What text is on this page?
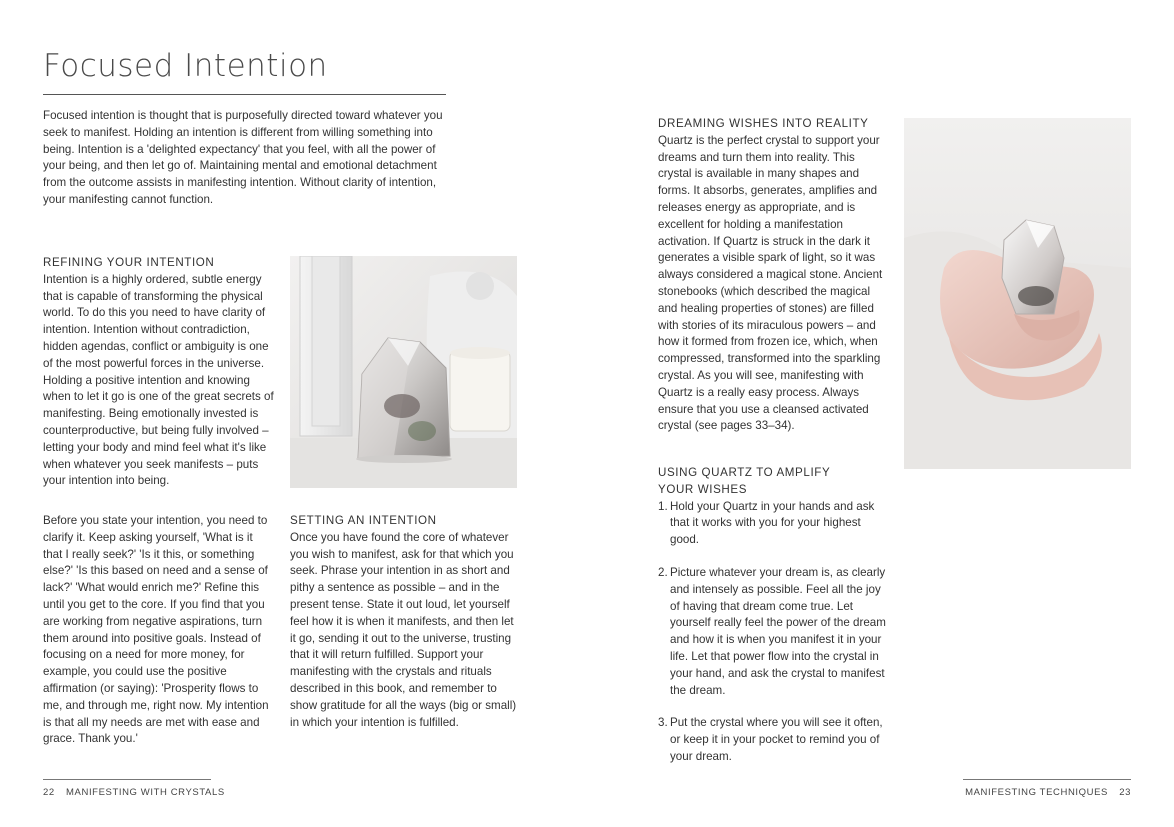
Focused Intention

Focused intention is thought that is purposefully directed toward whatever you seek to manifest. Holding an intention is different from willing something into being. Intention is a 'delighted expectancy' that you feel, with all the power of your being, and then let go of. Maintaining mental and emotional detachment from the outcome assists in manifesting intention. Without clarity of intention, your manifesting cannot function.

REFINING YOUR INTENTION

Intention is a highly ordered, subtle energy that is capable of transforming the physical world. To do this you need to have clarity of intention. Intention without contradiction, hidden agendas, conflict or ambiguity is one of the most powerful forces in the universe. Holding a positive intention and knowing when to let it go is one of the great secrets of manifesting. Being emotionally invested is counterproductive, but being fully involved – letting your body and mind feel what it's like when whatever you seek manifests – puts your intention into being.

Before you state your intention, you need to clarify it. Keep asking yourself, 'What is it that I really seek?' 'Is it this, or something else?' 'Is this based on need and a sense of lack?' 'What would enrich me?' Refine this until you get to the core. If you find that you are working from negative aspirations, turn them around into positive goals. Instead of focusing on a need for more money, for example, you could use the positive affirmation (or saying): 'Prosperity flows to me, and through me, right now. My intention is that all my needs are met with ease and grace. Thank you.'

SETTING AN INTENTION

Once you have found the core of whatever you wish to manifest, ask for that which you seek. Phrase your intention in as short and pithy a sentence as possible – and in the present tense. State it out loud, let yourself feel how it is when it manifests, and then let it go, sending it out to the universe, trusting that it will return fulfilled. Support your manifesting with the crystals and rituals described in this book, and remember to show gratitude for all the ways (big or small) in which your intention is fulfilled.

22 MANIFESTING WITH CRYSTALS
DREAMING WISHES INTO REALITY

Quartz is the perfect crystal to support your dreams and turn them into reality. This crystal is available in many shapes and forms. It absorbs, generates, amplifies and releases energy as appropriate, and is excellent for holding a manifestation activation. If Quartz is struck in the dark it generates a visible spark of light, so it was always considered a magical stone. Ancient stonebooks (which described the magical and healing properties of stones) are filled with stories of its miraculous powers – and how it formed from frozen ice, which, when compressed, transformed into the sparkling crystal. As you will see, manifesting with Quartz is a really easy process. Always ensure that you use a cleansed activated crystal (see pages 33–34).

USING QUARTZ TO AMPLIFY
YOUR WISHES
1. Hold your Quartz in your hands and ask that it works with you for your highest good.
2. Picture whatever your dream is, as clearly and intensely as possible. Feel all the joy of having that dream come true. Let yourself really feel the power of the dream and how it is when you manifest it in your life. Let that power flow into the crystal in your hand, and ask the crystal to manifest the dream.
3. Put the crystal where you will see it often, or keep it in your pocket to remind you of your dream.
MANIFESTING TECHNIQUES 23
